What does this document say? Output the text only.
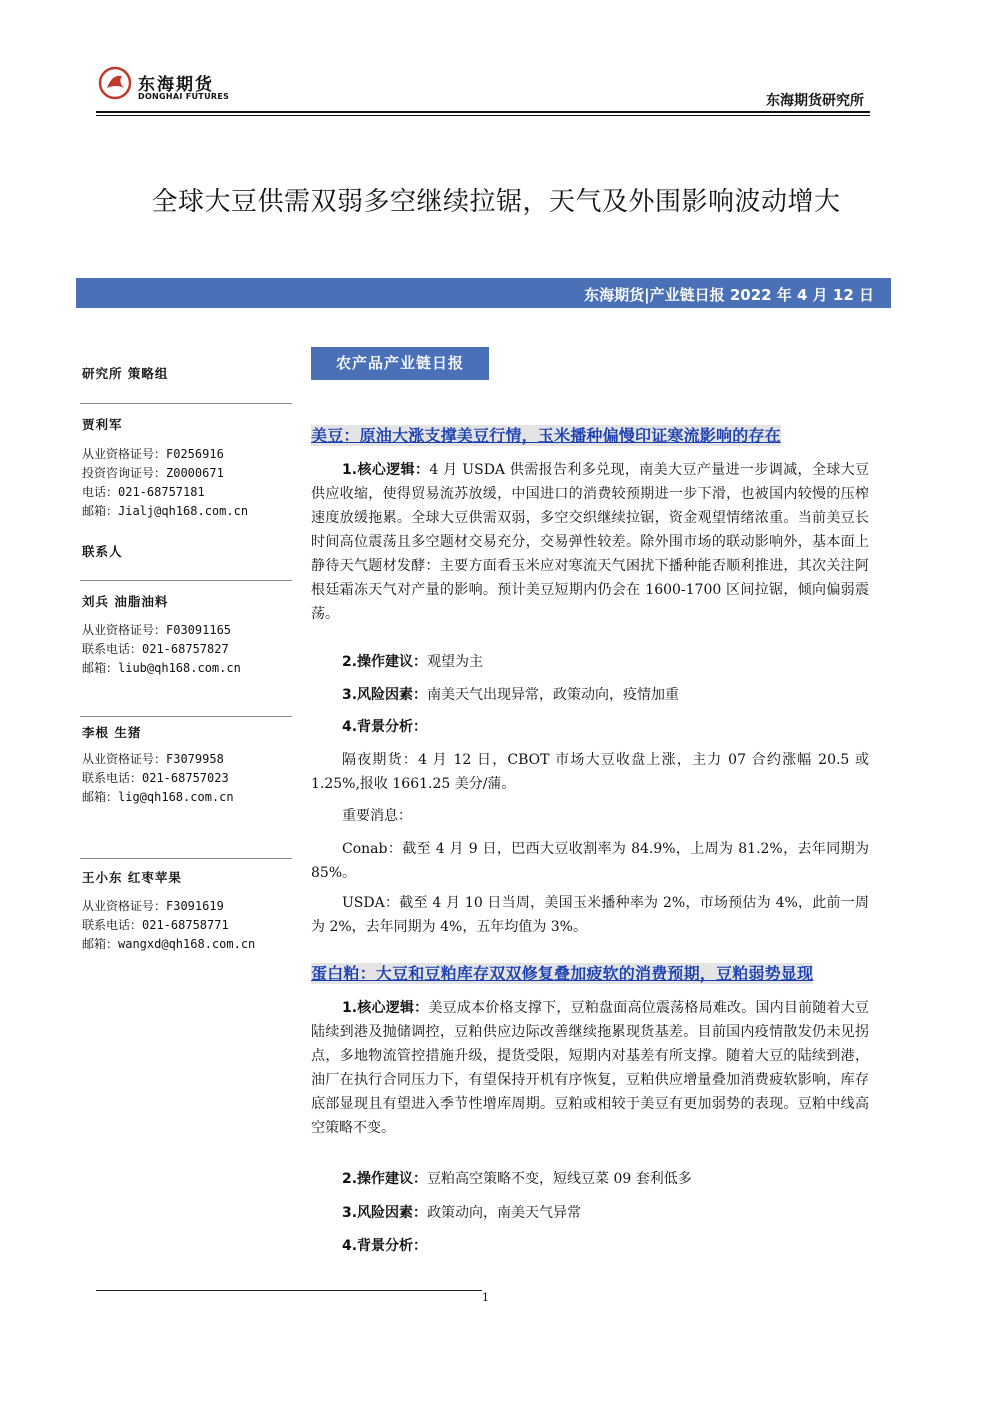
东海期货
DONGHAI FUTURES	东海期货研究所
全球大豆供需双弱多空继续拉锯，天气及外围影响波动增大
东海期货|产业链日报 2022 年 4 月 12 日
研究所 策略组
贾利军
从业资格证号：F0256916
投资咨询证号：Z0000671
电话：021-68757181
邮箱：Jialj@qh168.com.cn
联系人
刘兵 油脂油料
从业资格证号：F03091165
联系电话：021-68757827
邮箱：liub@qh168.com.cn
李根 生猪
从业资格证号：F3079958
联系电话：021-68757023
邮箱：lig@qh168.com.cn
王小东 红枣苹果
从业资格证号：F3091619
联系电话：021-68758771
邮箱：wangxd@qh168.com.cn
农产品产业链日报
美豆：原油大涨支撑美豆行情，玉米播种偏慢印证寒流影响的存在

1.核心逻辑：4 月 USDA 供需报告利多兑现，南美大豆产量进一步调减，全球大豆供应收缩，使得贸易流苏放缓，中国进口的消费较预期进一步下滑，也被国内较慢的压榨速度放缓拖累。全球大豆供需双弱，多空交织继续拉锯，资金观望情绪浓重。当前美豆长时间高位震荡且多空题材交易充分，交易弹性较差。除外围市场的联动影响外，基本面上静待天气题材发酵：主要方面看玉米应对寒流天气困扰下播种能否顺利推进，其次关注阿根廷霜冻天气对产量的影响。预计美豆短期内仍会在 1600-1700 区间拉锯，倾向偏弱震荡。

2.操作建议：观望为主

3.风险因素：南美天气出现异常，政策动向，疫情加重

4.背景分析：

隔夜期货：4 月 12 日，CBOT 市场大豆收盘上涨，主力 07 合约涨幅 20.5 或 1.25%,报收 1661.25 美分/蒲。

重要消息：

Conab：截至 4 月 9 日，巴西大豆收割率为 84.9%，上周为 81.2%，去年同期为 85%。

USDA：截至 4 月 10 日当周，美国玉米播种率为 2%，市场预估为 4%，此前一周为 2%，去年同期为 4%，五年均值为 3%。

蛋白粕：大豆和豆粕库存双双修复叠加疲软的消费预期，豆粕弱势显现

1.核心逻辑：美豆成本价格支撑下，豆粕盘面高位震荡格局难改。国内目前随着大豆陆续到港及抛储调控，豆粕供应边际改善继续拖累现货基差。目前国内疫情散发仍未见拐点，多地物流管控措施升级，提货受限，短期内对基差有所支撑。随着大豆的陆续到港，油厂在执行合同压力下，有望保持开机有序恢复，豆粕供应增量叠加消费疲软影响，库存底部显现且有望进入季节性增库周期。豆粕或相较于美豆有更加弱势的表现。豆粕中线高空策略不变。

2.操作建议：豆粕高空策略不变，短线豆菜 09 套利低多

3.风险因素：政策动向，南美天气异常

4.背景分析：

1
